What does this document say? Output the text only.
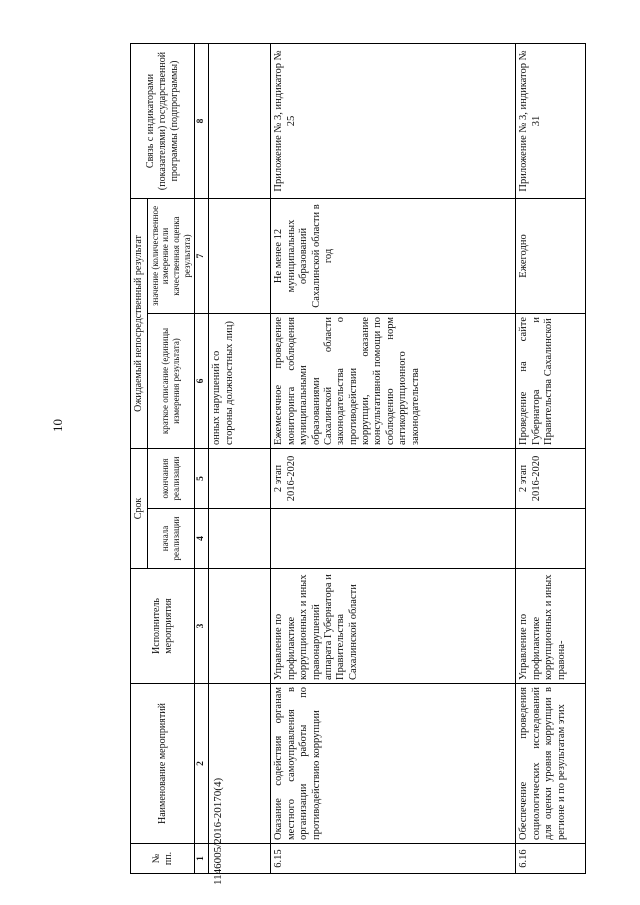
10
№ пп.	Наименование мероприятий	Исполнитель мероприятия	Срок		Ожидаемый непосредственный результат		Связь с индикаторами (показателями) государственной программы (подпрограммы)
			начала реализации	окончания реализации	краткое описание (единицы измерения результата)	значение (количественное измерение или качественная оценка результата)	
1	2	3	4	5	6	7	8
					онных нарушений со стороны должностных лиц)		
6.15	Оказание содействия органам местного самоуправления в организации работы по противодействию коррупции	Управление по профилактике коррупционных и иных правонарушений аппарата Губернатора и Правительства Сахалинской области		2 этап 2016-2020	Ежемесячное проведение мониторинга соблюдения муниципальными образованиями Сахалинской области законодательства о противодействии коррупции, оказание консультативной помощи по соблюдению норм антикоррупционного законодательства	Не менее 12 муниципальных образований Сахалинской области в год	Приложение № 3, индикатор № 25
6.16	Обеспечение проведения социологических исследований для оценки уровня коррупции в регионе и по результатам этих	Управление по профилактике коррупционных и иных правона-		2 этап 2016-2020	Проведение на сайте Губернатора и Правительства Сахалинской	Ежегодно	Приложение № 3, индикатор № 31
1146005/2016-20170(4)
